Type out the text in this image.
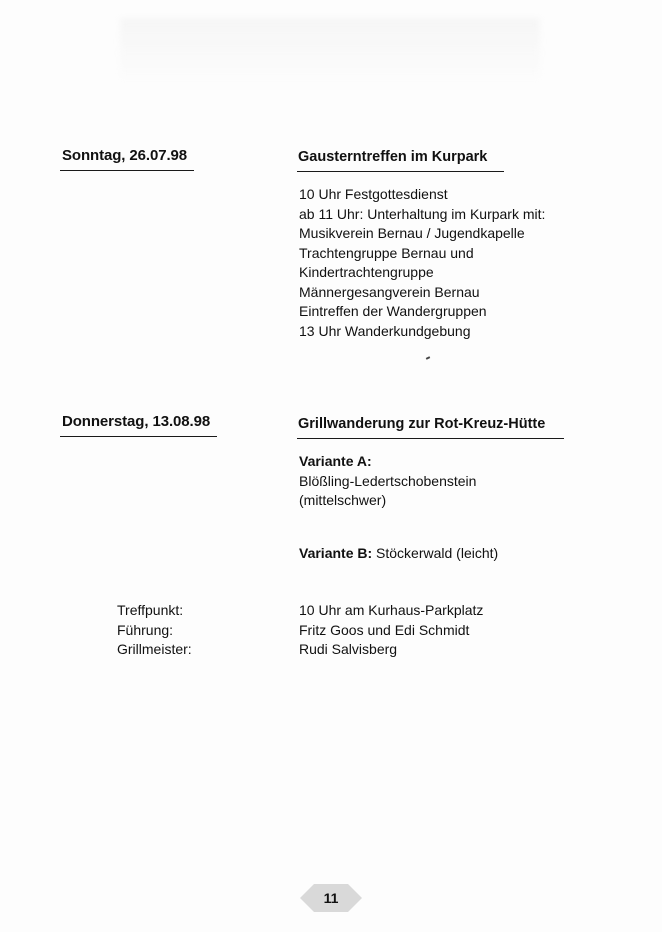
Sonntag, 26.07.98	Gausterntreffen im Kurpark
10 Uhr Festgottesdienst
ab 11 Uhr: Unterhaltung im Kurpark mit:
Musikverein Bernau / Jugendkapelle
Trachtengruppe Bernau und
Kindertrachtengruppe
Männergesangverein Bernau
Eintreffen der Wandergruppen
13 Uhr Wanderkundgebung
Donnerstag, 13.08.98	Grillwanderung zur Rot-Kreuz-Hütte
Variante A:
Blößling-Ledertschobenstein
(mittelschwer)
Variante B: Stöckerwald (leicht)
Treffpunkt:
Führung:
Grillmeister:
10 Uhr am Kurhaus-Parkplatz
Fritz Goos und Edi Schmidt
Rudi Salvisberg
11
